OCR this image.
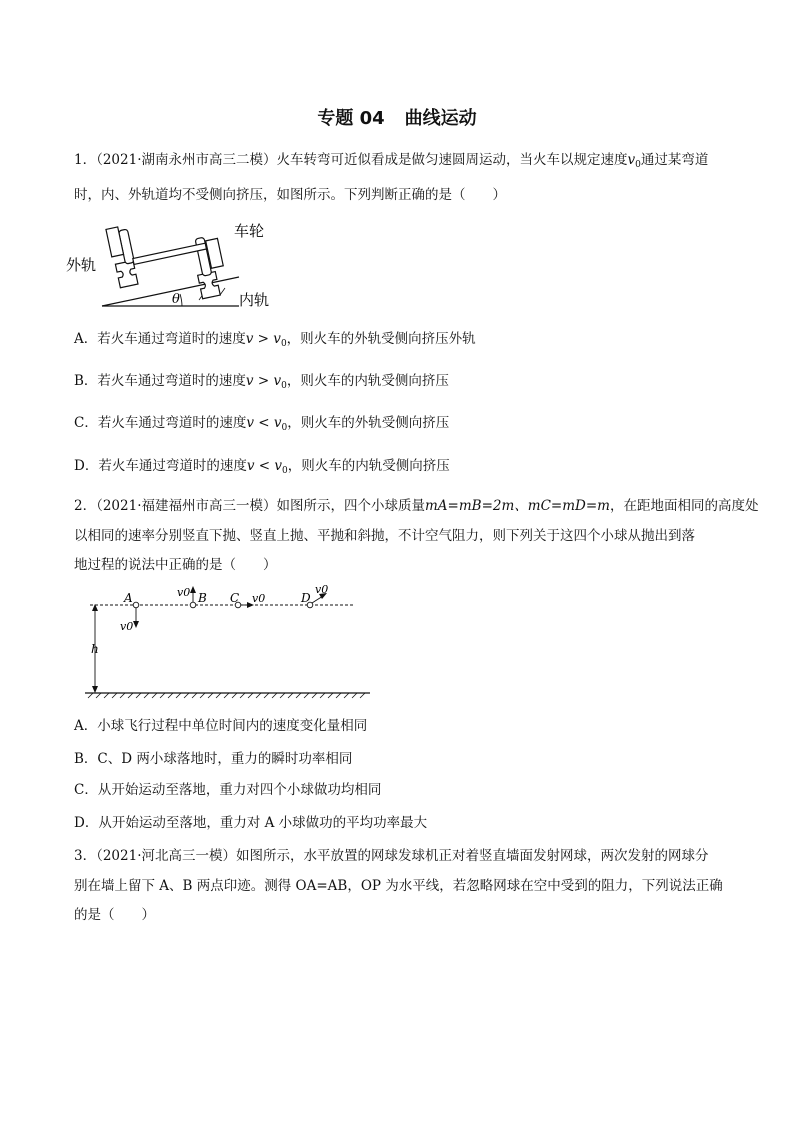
专题 04 曲线运动
1．（2021·湖南永州市高三二模）火车转弯可近似看成是做匀速圆周运动，当火车以规定速度$v_0$通过某弯道
时，内、外轨道均不受侧向挤压，如图所示。下列判断正确的是（　　）
θ
外轨
车轮
内轨
A．若火车通过弯道时的速度$v > v_0$，则火车的外轨受侧向挤压外轨
B．若火车通过弯道时的速度$v > v_0$，则火车的内轨受侧向挤压
C．若火车通过弯道时的速度$v < v_0$，则火车的外轨受侧向挤压
D．若火车通过弯道时的速度$v < v_0$，则火车的内轨受侧向挤压
2．（2021·福建福州市高三一模）如图所示，四个小球质量mA=mB=2m、mC=mD=m，在距地面相同的高度处
以相同的速率分别竖直下抛、竖直上抛、平抛和斜抛，不计空气阻力，则下列关于这四个小球从抛出到落
地过程的说法中正确的是（　　）
h
A
v0
v0 B C v0	D
v0
A．小球飞行过程中单位时间内的速度变化量相同
B．C、D 两小球落地时，重力的瞬时功率相同
C．从开始运动至落地，重力对四个小球做功均相同
D．从开始运动至落地，重力对 A 小球做功的平均功率最大
3．（2021·河北高三一模）如图所示，水平放置的网球发球机正对着竖直墙面发射网球，两次发射的网球分
别在墙上留下 A、B 两点印迹。测得 OA=AB，OP 为水平线，若忽略网球在空中受到的阻力，下列说法正确
的是（　　）
